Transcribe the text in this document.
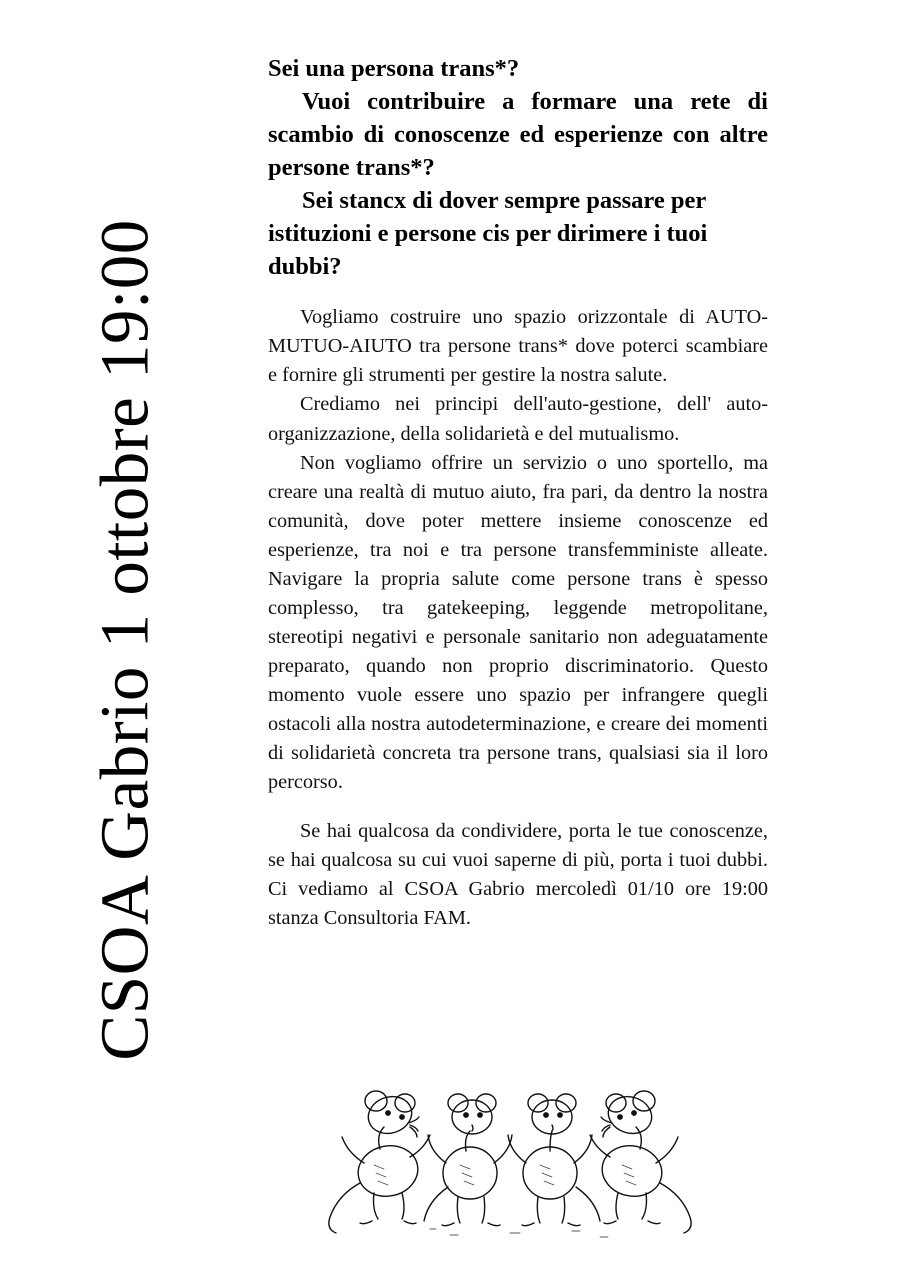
CSOA Gabrio 1 ottobre 19:00

Sei una persona trans*?

Vuoi contribuire a formare una rete di scambio di conoscenze ed esperienze con altre persone trans*?

Sei stancx di dover sempre passare per istituzioni e persone cis per dirimere i tuoi dubbi?

Vogliamo costruire uno spazio orizzontale di AUTO-MUTUO-AIUTO tra persone trans* dove poterci scambiare e fornire gli strumenti per gestire la nostra salute.

Crediamo nei principi dell'auto-gestione, dell' auto-organizzazione, della solidarietà e del mutualismo.

Non vogliamo offrire un servizio o uno sportello, ma creare una realtà di mutuo aiuto, fra pari, da dentro la nostra comunità, dove poter mettere insieme conoscenze ed esperienze, tra noi e tra persone transfemministe alleate. Navigare la propria salute come persone trans è spesso complesso, tra gatekeeping, leggende metropolitane, stereotipi negativi e personale sanitario non adeguatamente preparato, quando non proprio discriminatorio. Questo momento vuole essere uno spazio per infrangere quegli ostacoli alla nostra autodeterminazione, e creare dei momenti di solidarietà concreta tra persone trans, qualsiasi sia il loro percorso.

Se hai qualcosa da condividere, porta le tue conoscenze, se hai qualcosa su cui vuoi saperne di più, porta i tuoi dubbi. Ci vediamo al CSOA Gabrio mercoledì 01/10 ore 19:00 stanza Consultoria FAM.
